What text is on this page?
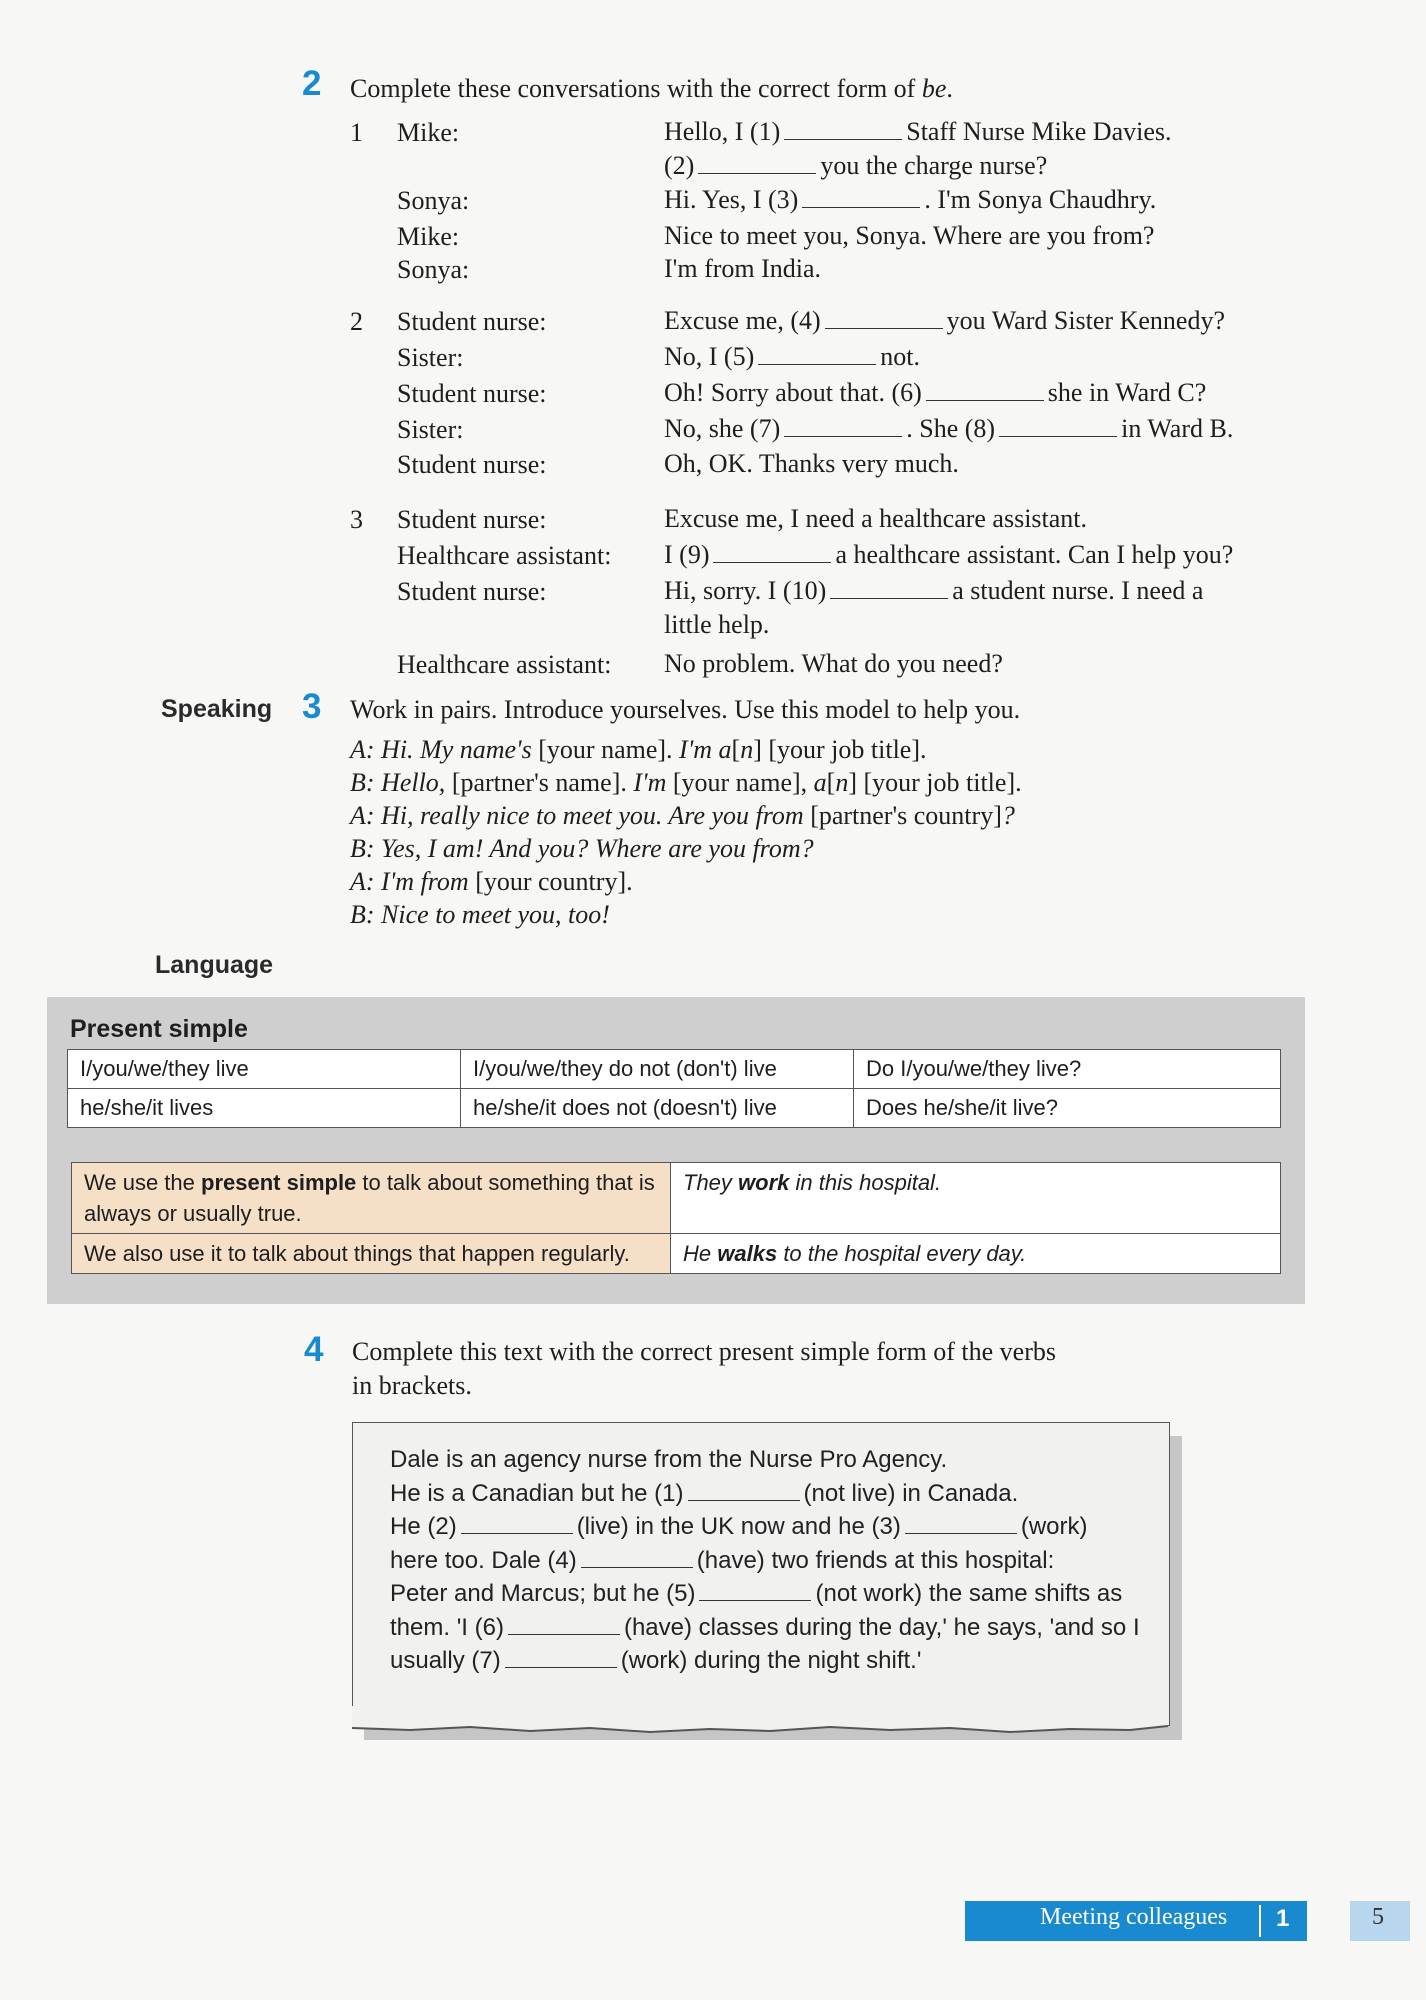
2 Complete these conversations with the correct form of be.
1 Mike:	Hello, I (1)	Staff Nurse Mike Davies.
(2)	you the charge nurse?
Sonya:	Hi. Yes, I (3)	. I'm Sonya Chaudhry.
Mike:	Nice to meet you, Sonya. Where are you from?
Sonya:	I'm from India.
2 Student nurse:	Excuse me, (4)	you Ward Sister Kennedy?
Sister:	No, I (5)	not.
Student nurse:	Oh! Sorry about that. (6)	she in Ward C?
Sister:	No, she (7)	. She (8)	in Ward B.
Student nurse:	Oh, OK. Thanks very much.
3 Student nurse:	Excuse me, I need a healthcare assistant.
Healthcare assistant: I (9)	a healthcare assistant. Can I help you?
Student nurse:	Hi, sorry. I (10)	a student nurse. I need a
little help.
Healthcare assistant: No problem. What do you need?
Speaking 3 Work in pairs. Introduce yourselves. Use this model to help you.
A: Hi. My name's [your name]. I'm a[n] [your job title].
B: Hello, [partner's name]. I'm [your name], a[n] [your job title].
A: Hi, really nice to meet you. Are you from [partner's country]?
B: Yes, I am! And you? Where are you from?
A: I'm from [your country].
B: Nice to meet you, too!
Language
Present simple
I/you/we/they live	I/you/we/they do not (don't) live	Do I/you/we/they live?
he/she/it lives	he/she/it does not (doesn't) live	Does he/she/it live?
We use the present simple to talk about something that is always or usually true.	They work in this hospital.
We also use it to talk about things that happen regularly.	He walks to the hospital every day.
4 Complete this text with the correct present simple form of the verbs
in brackets.
Dale is an agency nurse from the Nurse Pro Agency.
He is a Canadian but he (1)	(not live) in Canada.
He (2)	(live) in the UK now and he (3)	(work)
here too. Dale (4)	(have) two friends at this hospital:
Peter and Marcus; but he (5)	(not work) the same shifts as
them. 'I (6)	(have) classes during the day,' he says, 'and so I
usually (7)	(work) during the night shift.'
Meeting colleagues 1	5
